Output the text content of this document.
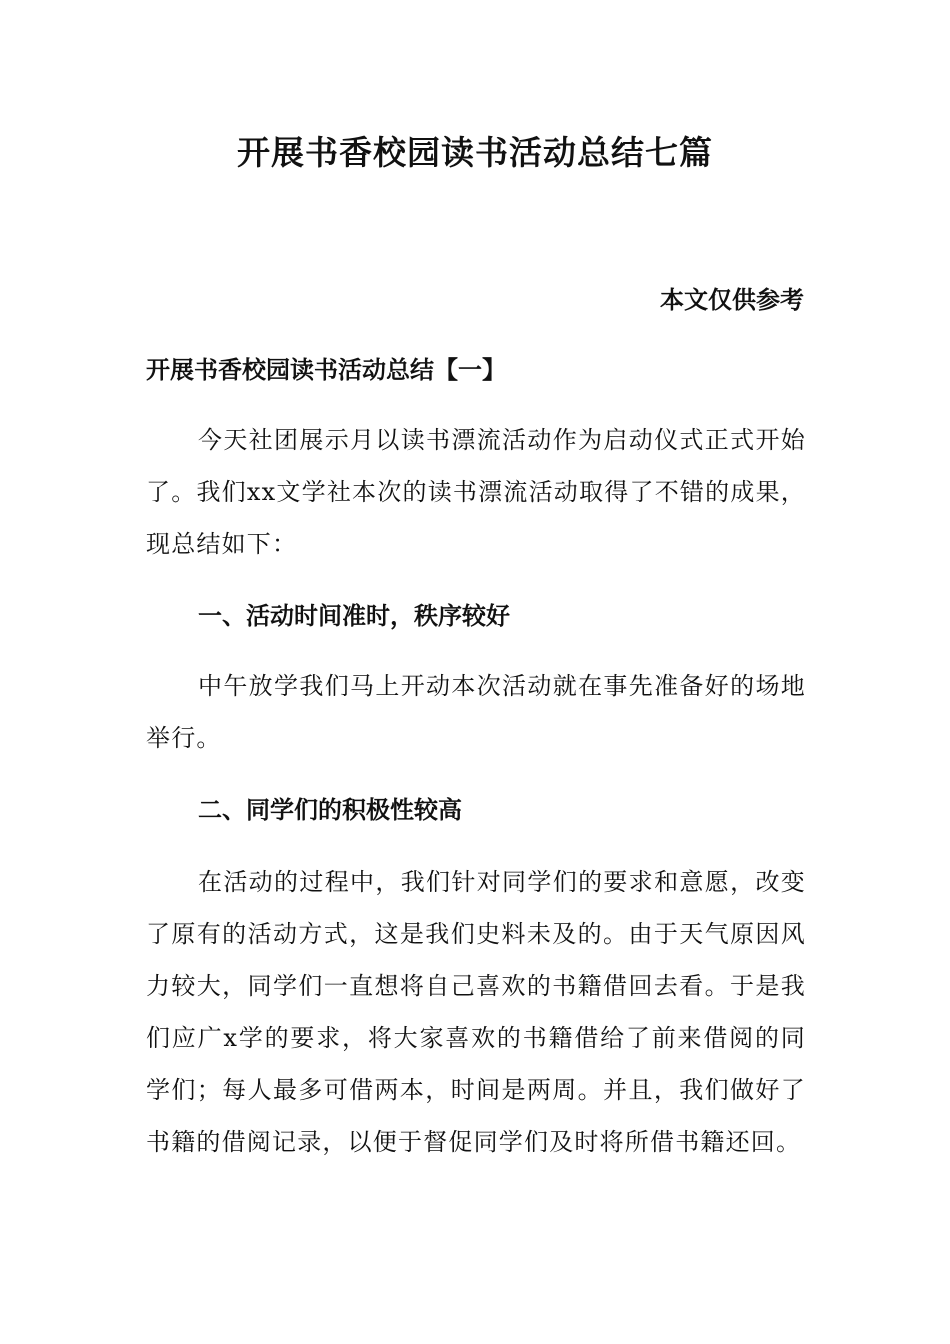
开展书香校园读书活动总结七篇
本文仅供参考
开展书香校园读书活动总结【一】
今天社团展示月以读书漂流活动作为启动仪式正式开始了。我们xx文学社本次的读书漂流活动取得了不错的成果，现总结如下：
一、活动时间准时，秩序较好
中午放学我们马上开动本次活动就在事先准备好的场地举行。
二、同学们的积极性较高
在活动的过程中，我们针对同学们的要求和意愿，改变了原有的活动方式，这是我们史料未及的。由于天气原因风力较大，同学们一直想将自己喜欢的书籍借回去看。于是我们应广x学的要求，将大家喜欢的书籍借给了前来借阅的同学们；每人最多可借两本，时间是两周。并且，我们做好了书籍的借阅记录，以便于督促同学们及时将所借书籍还回。
